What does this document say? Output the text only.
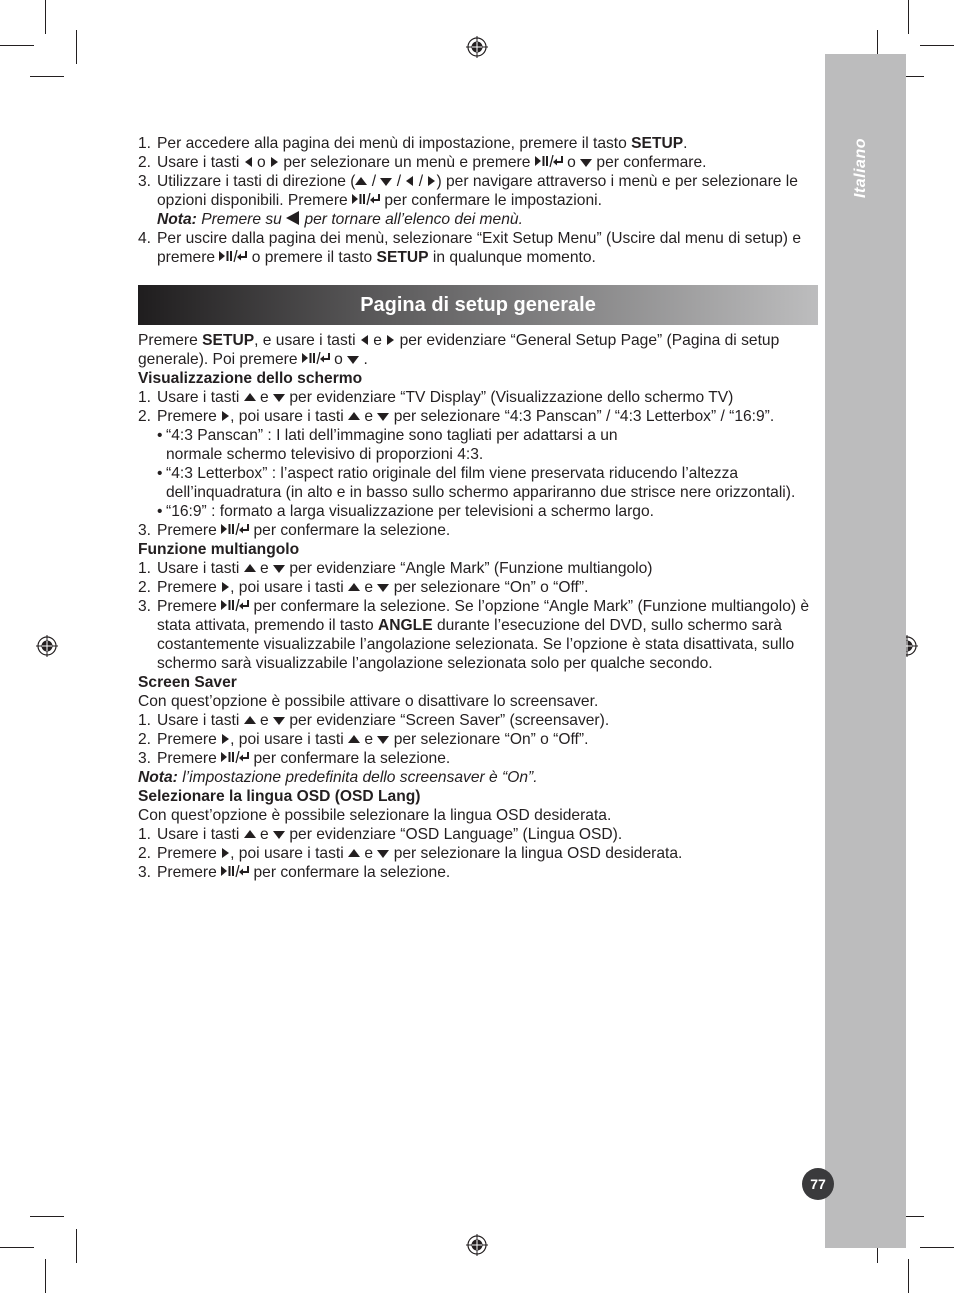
Italiano
77

1. Per accedere alla pagina dei menù di impostazione, premere il tasto SETUP.

2. Usare i tasti  o  per selezionare un menù e premere  o  per confermare.

3. Utilizzare i tasti di direzione ( /  /  / ) per navigare attraverso i menù e per selezionare le opzioni disponibili. Premere  per confermare le impostazioni.
Nota: Premere su  per tornare all’elenco dei menù.

4. Per uscire dalla pagina dei menù, selezionare “Exit Setup Menu” (Uscire dal menu di setup) e premere  o premere il tasto SETUP in qualunque momento.

Pagina di setup generale

Premere SETUP, e usare i tasti  e  per evidenziare “General Setup Page” (Pagina di setup generale). Poi premere  o  .

Visualizzazione dello schermo

1. Usare i tasti  e  per evidenziare “TV Display” (Visualizzazione dello schermo TV)

2. Premere , poi usare i tasti  e  per selezionare “4:3 Panscan” / “4:3 Letterbox” / “16:9”.

• “4:3 Panscan” : I lati dell’immagine sono tagliati per adattarsi a un normale schermo televisivo di proporzioni 4:3.

• “4:3 Letterbox” : l’aspect ratio originale del film viene preservata riducendo l’altezza dell’inquadratura (in alto e in basso sullo schermo appariranno due strisce nere orizzontali).

• “16:9” : formato a larga visualizzazione per televisioni a schermo largo.

3. Premere  per confermare la selezione.

Funzione multiangolo

1. Usare i tasti  e  per evidenziare “Angle Mark” (Funzione multiangolo)

2. Premere , poi usare i tasti  e  per selezionare “On” o “Off”.

3. Premere  per confermare la selezione. Se l’opzione “Angle Mark” (Funzione multiangolo) è stata attivata, premendo il tasto ANGLE durante l’esecuzione del DVD, sullo schermo sarà costantemente visualizzabile l’angolazione selezionata. Se l’opzione è stata disattivata, sullo schermo sarà visualizzabile l’angolazione selezionata solo per qualche secondo.

Screen Saver

Con quest’opzione è possibile attivare o disattivare lo screensaver.

1. Usare i tasti  e  per evidenziare “Screen Saver” (screensaver).

2. Premere , poi usare i tasti  e  per selezionare “On” o “Off”.

3. Premere  per confermare la selezione.

Nota: l’impostazione predefinita dello screensaver è “On”.

Selezionare la lingua OSD (OSD Lang)

Con quest’opzione è possibile selezionare la lingua OSD desiderata.

1. Usare i tasti  e  per evidenziare “OSD Language” (Lingua OSD).

2. Premere , poi usare i tasti  e  per selezionare la lingua OSD desiderata.

3. Premere  per confermare la selezione.
